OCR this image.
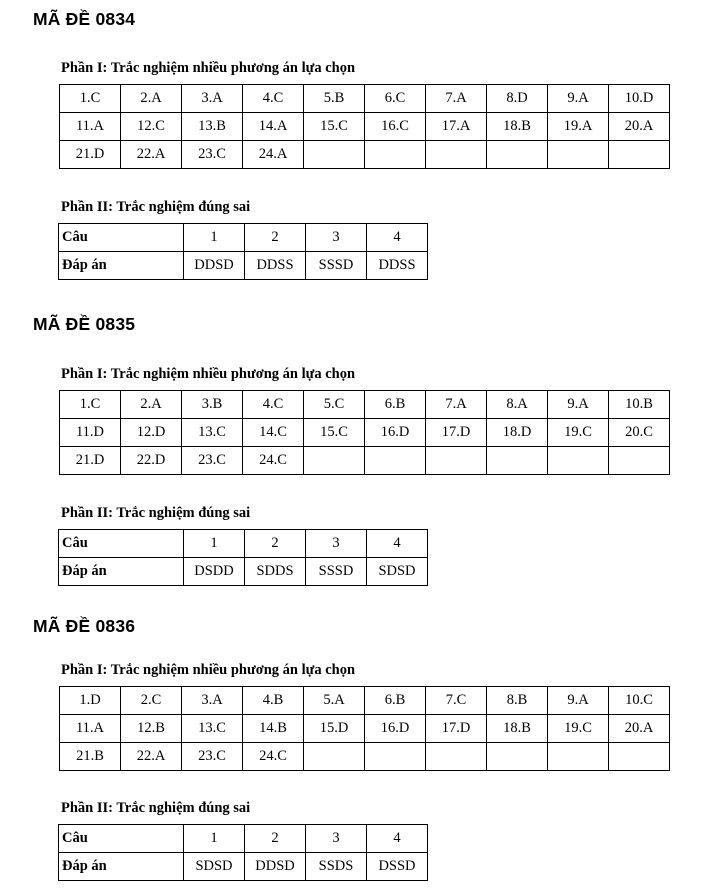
MÃ ĐỀ 0834
Phần I: Trắc nghiệm nhiều phương án lựa chọn
1.C	2.A	3.A	4.C	5.B	6.C	7.A	8.D	9.A	10.D
11.A	12.C	13.B	14.A	15.C	16.C	17.A	18.B	19.A	20.A
21.D	22.A	23.C	24.A						
Phần II: Trắc nghiệm đúng sai
Câu	1	2	3	4
Đáp án	DDSD	DDSS	SSSD	DDSS
MÃ ĐỀ 0835
Phần I: Trắc nghiệm nhiều phương án lựa chọn
1.C	2.A	3.B	4.C	5.C	6.B	7.A	8.A	9.A	10.B
11.D	12.D	13.C	14.C	15.C	16.D	17.D	18.D	19.C	20.C
21.D	22.D	23.C	24.C						
Phần II: Trắc nghiệm đúng sai
Câu	1	2	3	4
Đáp án	DSDD	SDDS	SSSD	SDSD
MÃ ĐỀ 0836
Phần I: Trắc nghiệm nhiều phương án lựa chọn
1.D	2.C	3.A	4.B	5.A	6.B	7.C	8.B	9.A	10.C
11.A	12.B	13.C	14.B	15.D	16.D	17.D	18.B	19.C	20.A
21.B	22.A	23.C	24.C						
Phần II: Trắc nghiệm đúng sai
Câu	1	2	3	4
Đáp án	SDSD	DDSD	SSDS	DSSD
